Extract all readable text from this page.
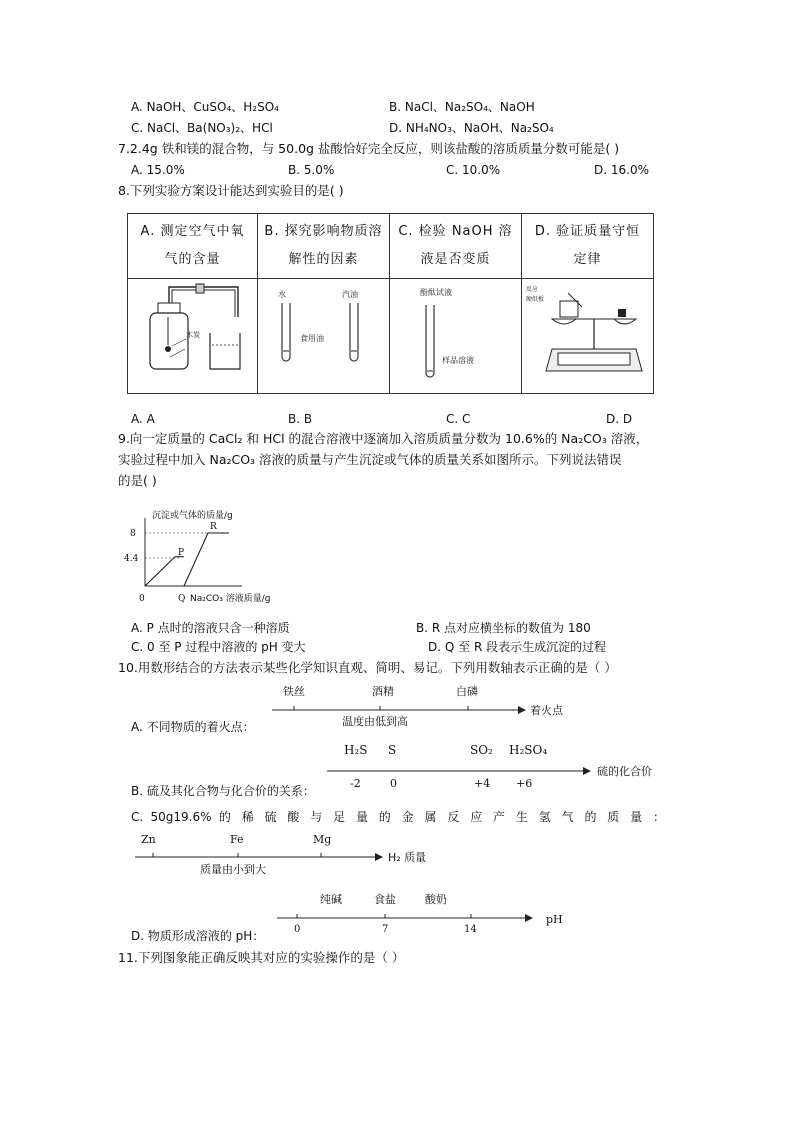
A. NaOH、CuSO₄、H₂SO₄	B. NaCl、Na₂SO₄、NaOH
C. NaCl、Ba(NO₃)₂、HCl	D. NH₄NO₃、NaOH、Na₂SO₄
7.2.4g 铁和镁的混合物，与 50.0g 盐酸恰好完全反应，则该盐酸的溶质质量分数可能是( )
A. 15.0%	B. 5.0%	C. 10.0%	D. 16.0%
8.下列实验方案设计能达到实验目的是( )
A. 测定空气中氧气的含量	B. 探究影响物质溶解性的因素	C. 检验 NaOH 溶液是否变质	D. 验证质量守恒定律

木炭	水 汽油
食用油	酚酞试液
样品溶液	反应
硬纸板
A. A	B. B	C. C	D. D
9.向一定质量的 CaCl₂ 和 HCl 的混合溶液中逐滴加入溶质质量分数为 10.6%的 Na₂CO₃ 溶液，
实验过程中加入 Na₂CO₃ 溶液的质量与产生沉淀或气体的质量关系如图所示。下列说法错误
的是( )
沉淀或气体的质量/g
0	Na₂CO₃ 溶液质量/g
4.4
8
P
Q
R
A. P 点时的溶液只含一种溶质	B. R 点对应横坐标的数值为 180
C. 0 至 P 过程中溶液的 pH 变大	D. Q 至 R 段表示生成沉淀的过程
10.用数形结合的方法表示某些化学知识直观、简明、易记。下列用数轴表示正确的是（ ）
铁丝	酒精	白磷
着火点
温度由低到高
A. 不同物质的着火点：
H₂S S	SO₂ H₂SO₄
硫的化合价
-2	0	+4 +6
B. 硫及其化合物与化合价的关系：
C. 50g19.6% 的 稀 硫 酸 与 足 量 的 金 属 反 应 产 生 氢 气 的 质 量 ：
Zn	Fe	Mg
H₂ 质量
质量由小到大
纯碱	食盐	酸奶
pH
0	7	14
D. 物质形成溶液的 pH：
11.下列图象能正确反映其对应的实验操作的是（ ）
